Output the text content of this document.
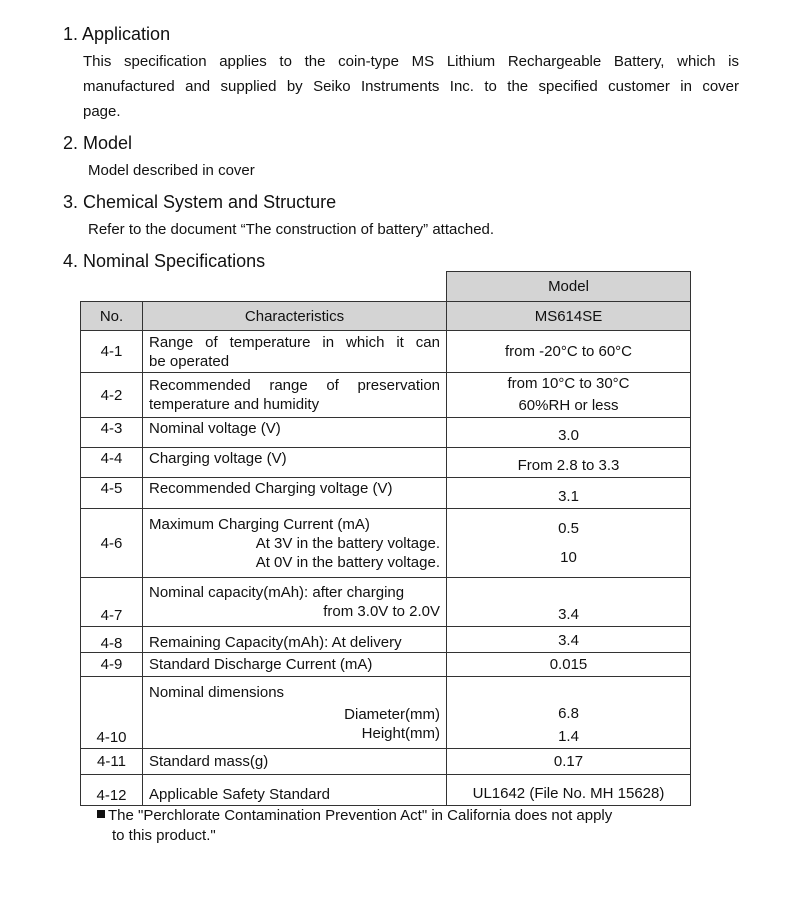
1. Application
This specification applies to the coin-type MS Lithium Rechargeable Battery, which is
manufactured and supplied by Seiko Instruments Inc. to the specified customer in cover
page.
2. Model
Model described in cover
3. Chemical System and Structure
Refer to the document “The construction of battery” attached.
4. Nominal Specifications
		Model
No.	Characteristics	MS614SE
4-1	Range of temperature in which it can
be operated	from -20°C to 60°C
4-2	Recommended range of preservation
temperature and humidity	from 10°C to 30°C
60%RH or less

4-3	Nominal voltage (V)	3.0
4-4	Charging voltage (V)	From 2.8 to 3.3
4-5	Recommended Charging voltage (V)	3.1
4-6	Maximum Charging Current (mA)
At 3V in the battery voltage.
At 0V in the battery voltage.	0.5
10

4-7	Nominal capacity(mAh): after charging
from 3.0V to 2.0V	3.4
4-8	Remaining Capacity(mAh): At delivery	3.4
4-9	Standard Discharge Current (mA)	0.015
4-10	Nominal dimensions
Diameter(mm)
Height(mm)	6.8
1.4

4-11	Standard mass(g)	0.17
4-12	Applicable Safety Standard	UL1642 (File No. MH 15628)
The "Perchlorate Contamination Prevention Act" in California does not apply
to this product."
